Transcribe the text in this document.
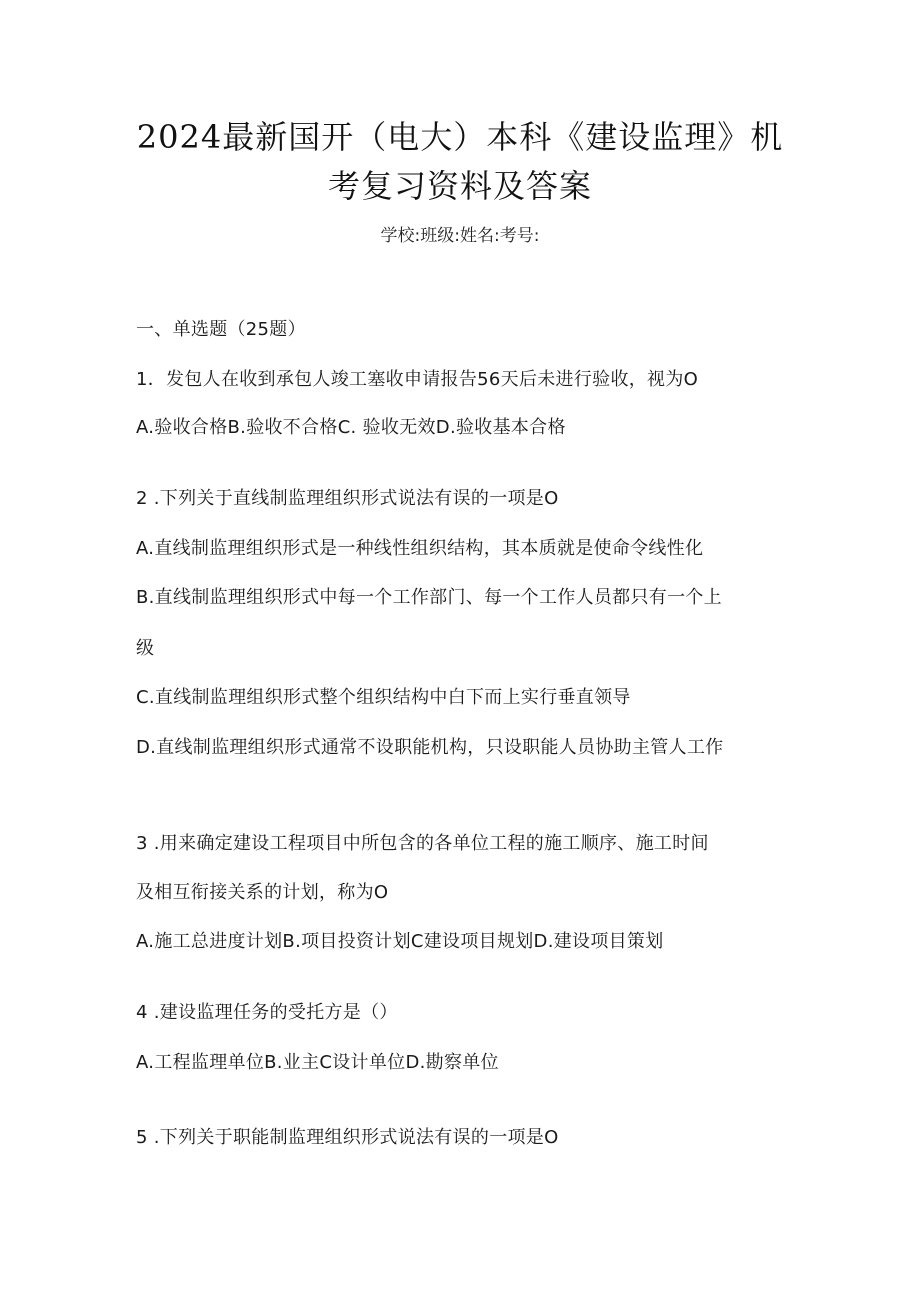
2024最新国开（电大）本科《建设监理》机
考复习资料及答案
学校:班级:姓名:考号:
一、单选题（25题）
1．发包人在收到承包人竣工塞收申请报告56天后未进行验收，视为O
A.验收合格B.验收不合格C. 验收无效D.验收基本合格
2 .下列关于直线制监理组织形式说法有误的一项是O
A.直线制监理组织形式是一种线性组织结构，其本质就是使命令线性化
B.直线制监理组织形式中每一个工作部门、每一个工作人员都只有一个上
级
C.直线制监理组织形式整个组织结构中白下而上实行垂直领导
D.直线制监理组织形式通常不设职能机构，只设职能人员协助主管人工作
3 .用来确定建设工程项目中所包含的各单位工程的施工顺序、施工时间
及相互衔接关系的计划，称为O
A.施工总进度计划B.项目投资计划C建设项目规划D.建设项目策划
4 .建设监理任务的受托方是（）
A.工程监理单位B.业主C设计单位D.勘察单位
5 .下列关于职能制监理组织形式说法有误的一项是O
